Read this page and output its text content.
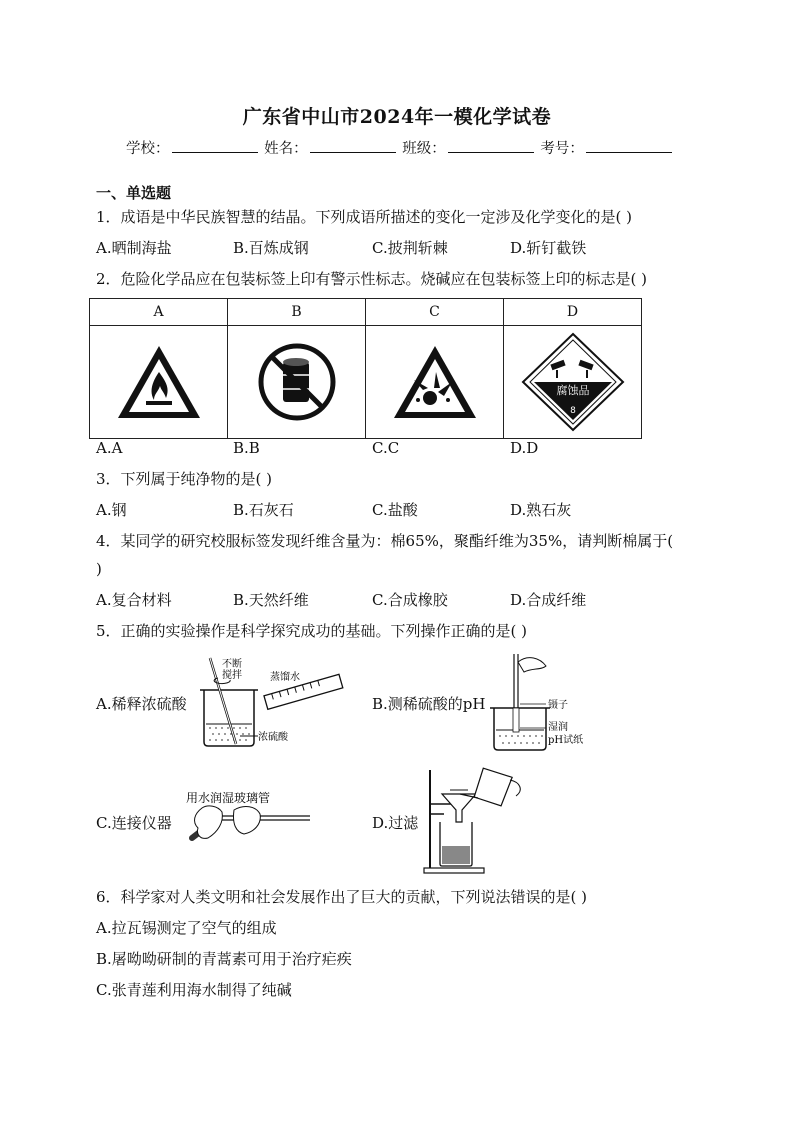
广东省中山市2024年一模化学试卷
学校：	姓名：	班级：	考号：
一、单选题
1．成语是中华民族智慧的结晶。下列成语所描述的变化一定涉及化学变化的是( )
A.晒制海盐	B.百炼成钢	C.披荆斩棘	D.斩钉截铁
2．危险化学品应在包装标签上印有警示性标志。烧碱应在包装标签上印的标志是( )
A	B	C	D

腐蚀品
8
A.A	B.B	C.C	D.D
3．下列属于纯净物的是( )
A.钢	B.石灰石	C.盐酸	D.熟石灰
4．某同学的研究校服标签发现纤维含量为：棉65%，聚酯纤维为35%，请判断棉属于(
)
A.复合材料	B.天然纤维	C.合成橡胶	D.合成纤维
5．正确的实验操作是科学探究成功的基础。下列操作正确的是( )
A.稀释浓硫酸
不断
搅拌	蒸馏水
浓硫酸
B.测稀硫酸的pH	镊子
湿润
pH试纸
C.连接仪器
用水润湿玻璃管
D.过滤
6．科学家对人类文明和社会发展作出了巨大的贡献，下列说法错误的是( )
A.拉瓦锡测定了空气的组成
B.屠呦呦研制的青蒿素可用于治疗疟疾
C.张青莲利用海水制得了纯碱
